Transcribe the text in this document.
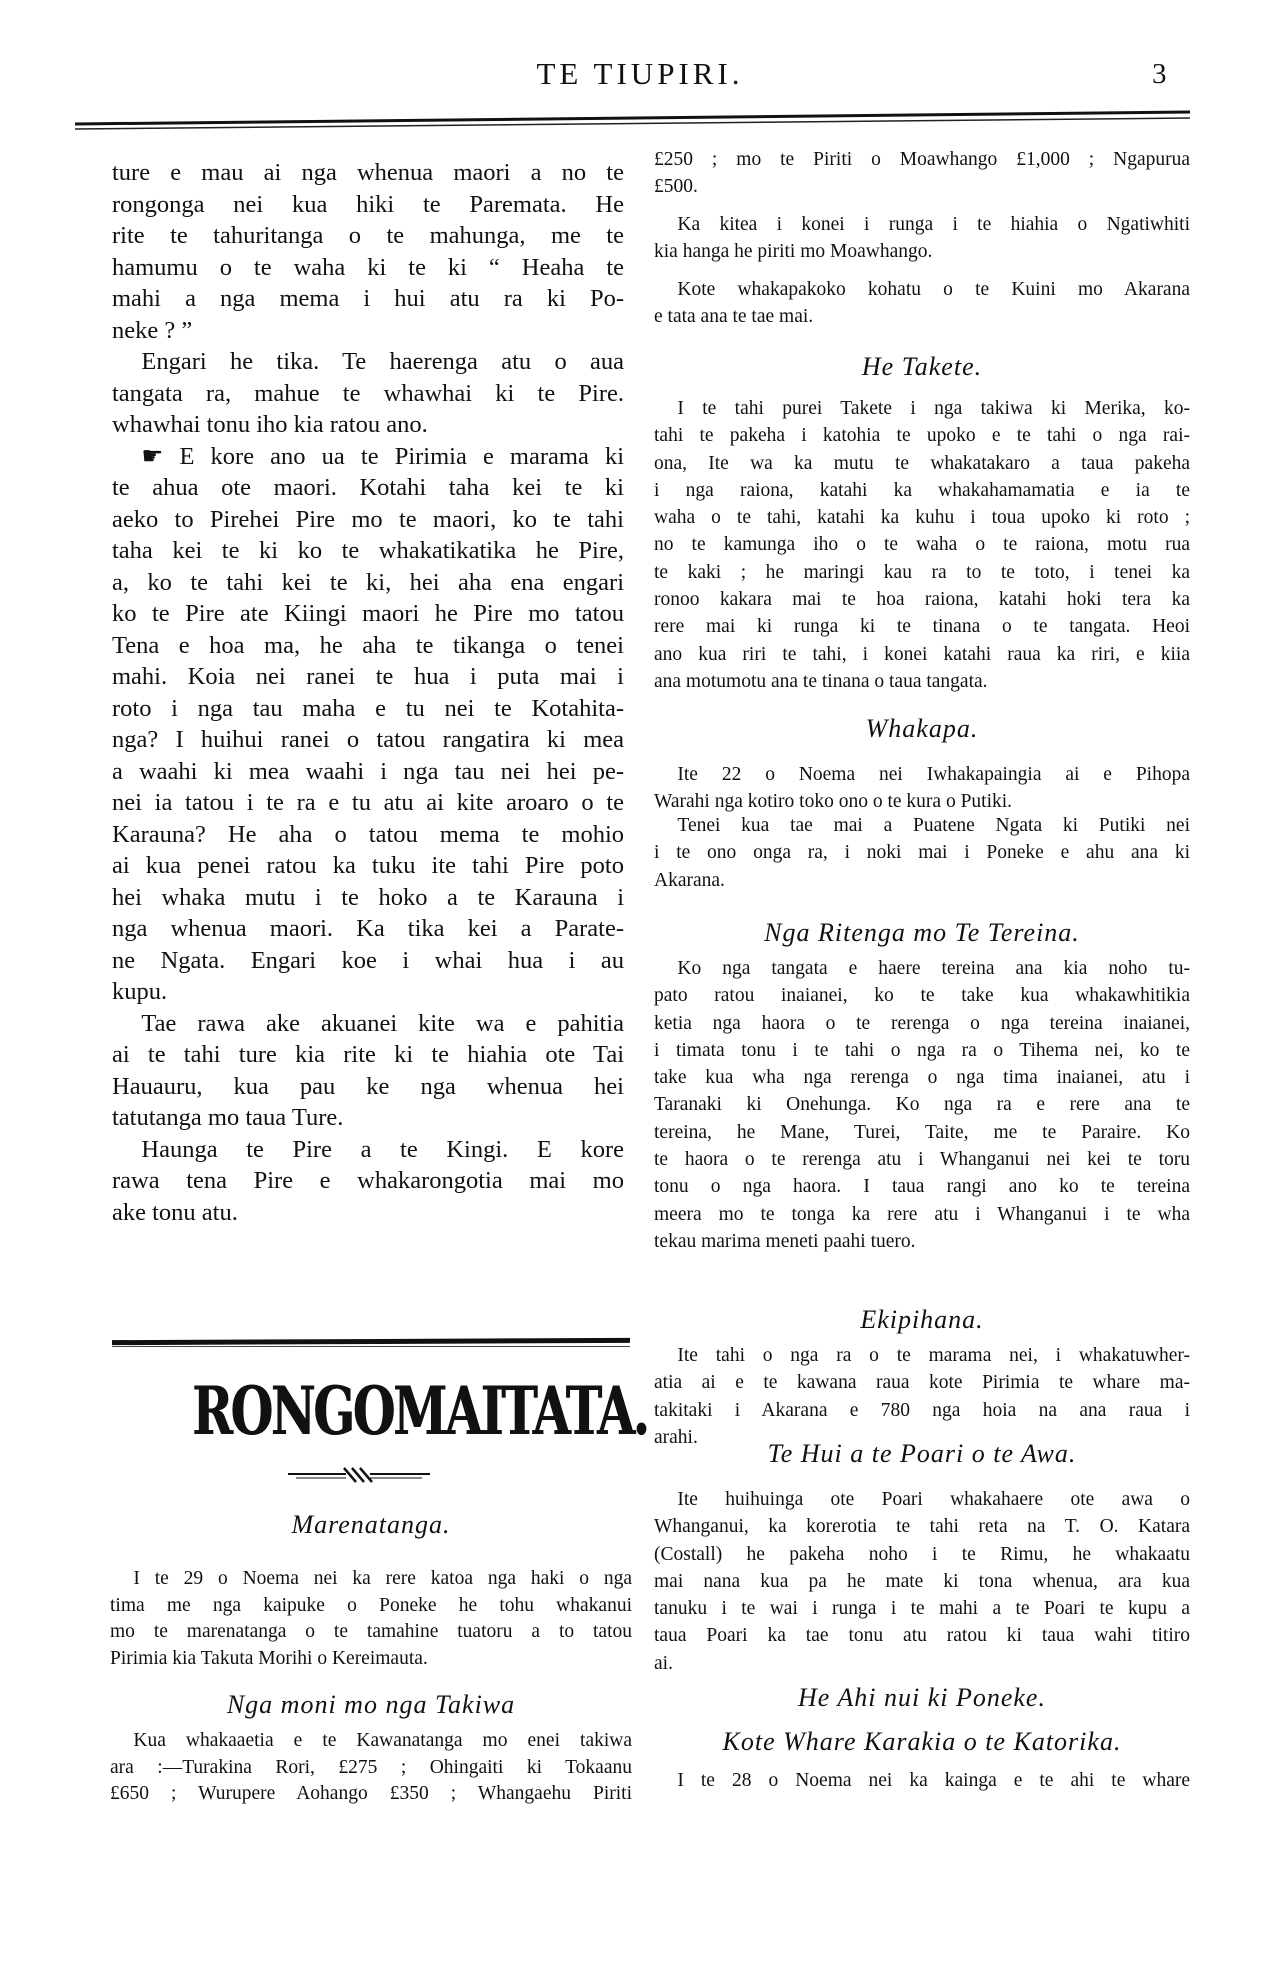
TE TIUPIRI.	3
ture e mau ai nga whenua maori a no te
rongonga nei kua hiki te Paremata. He
rite te tahuritanga o te mahunga, me te
hamumu o te waha ki te ki “ Heaha te
mahi a nga mema i hui atu ra ki Po-
neke ? ”
Engari he tika. Te haerenga atu o aua
tangata ra, mahue te whawhai ki te Pire.
whawhai tonu iho kia ratou ano.
☛ E kore ano ua te Pirimia e marama ki
te ahua ote maori. Kotahi taha kei te ki
aeko to Pirehei Pire mo te maori, ko te tahi
taha kei te ki ko te whakatikatika he Pire,
a, ko te tahi kei te ki, hei aha ena engari
ko te Pire ate Kiingi maori he Pire mo tatou
Tena e hoa ma, he aha te tikanga o tenei
mahi. Koia nei ranei te hua i puta mai i
roto i nga tau maha e tu nei te Kotahita-
nga? I huihui ranei o tatou rangatira ki mea
a waahi ki mea waahi i nga tau nei hei pe-
nei ia tatou i te ra e tu atu ai kite aroaro o te
Karauna? He aha o tatou mema te mohio
ai kua penei ratou ka tuku ite tahi Pire poto
hei whaka mutu i te hoko a te Karauna i
nga whenua maori. Ka tika kei a Parate-
ne Ngata. Engari koe i whai hua i au
kupu.
Tae rawa ake akuanei kite wa e pahitia
ai te tahi ture kia rite ki te hiahia ote Tai
Hauauru, kua pau ke nga whenua hei
tatutanga mo taua Ture.
Haunga te Pire a te Kingi. E kore
rawa tena Pire e whakarongotia mai mo
ake tonu atu.
RONGOMAITATA.
Marenatanga.
I te 29 o Noema nei ka rere katoa nga haki o nga
tima me nga kaipuke o Poneke he tohu whakanui
mo te marenatanga o te tamahine tuatoru a to tatou
Pirimia kia Takuta Morihi o Kereimauta.
Nga moni mo nga Takiwa
Kua whakaaetia e te Kawanatanga mo enei takiwa
ara :—Turakina Rori, £275 ; Ohingaiti ki Tokaanu
£650 ; Wurupere Aohango £350 ; Whangaehu Piriti
£250 ; mo te Piriti o Moawhango £1,000 ; Ngapurua
£500.
Ka kitea i konei i runga i te hiahia o Ngatiwhiti
kia hanga he piriti mo Moawhango.
Kote whakapakoko kohatu o te Kuini mo Akarana
e tata ana te tae mai.
He Takete.
I te tahi purei Takete i nga takiwa ki Merika, ko-
tahi te pakeha i katohia te upoko e te tahi o nga rai-
ona, Ite wa ka mutu te whakatakaro a taua pakeha
i nga raiona, katahi ka whakahamamatia e ia te
waha o te tahi, katahi ka kuhu i toua upoko ki roto ;
no te kamunga iho o te waha o te raiona, motu rua
te kaki ; he maringi kau ra to te toto, i tenei ka
ronoo kakara mai te hoa raiona, katahi hoki tera ka
rere mai ki runga ki te tinana o te tangata. Heoi
ano kua riri te tahi, i konei katahi raua ka riri, e kiia
ana motumotu ana te tinana o taua tangata.
Whakapa.
Ite 22 o Noema nei Iwhakapaingia ai e Pihopa
Warahi nga kotiro toko ono o te kura o Putiki.
Tenei kua tae mai a Puatene Ngata ki Putiki nei
i te ono onga ra, i noki mai i Poneke e ahu ana ki
Akarana.
Nga Ritenga mo Te Tereina.
Ko nga tangata e haere tereina ana kia noho tu-
pato ratou inaianei, ko te take kua whakawhitikia
ketia nga haora o te rerenga o nga tereina inaianei,
i timata tonu i te tahi o nga ra o Tihema nei, ko te
take kua wha nga rerenga o nga tima inaianei, atu i
Taranaki ki Onehunga. Ko nga ra e rere ana te
tereina, he Mane, Turei, Taite, me te Paraire. Ko
te haora o te rerenga atu i Whanganui nei kei te toru
tonu o nga haora. I taua rangi ano ko te tereina
meera mo te tonga ka rere atu i Whanganui i te wha
tekau marima meneti paahi tuero.
Ekipihana.
Ite tahi o nga ra o te marama nei, i whakatuwher-
atia ai e te kawana raua kote Pirimia te whare ma-
takitaki i Akarana e 780 nga hoia na ana raua i
arahi.
Te Hui a te Poari o te Awa.
Ite huihuinga ote Poari whakahaere ote awa o
Whanganui, ka korerotia te tahi reta na T. O. Katara
(Costall) he pakeha noho i te Rimu, he whakaatu
mai nana kua pa he mate ki tona whenua, ara kua
tanuku i te wai i runga i te mahi a te Poari te kupu a
taua Poari ka tae tonu atu ratou ki taua wahi titiro
ai.
He Ahi nui ki Poneke.
Kote Whare Karakia o te Katorika.
I te 28 o Noema nei ka kainga e te ahi te whare
